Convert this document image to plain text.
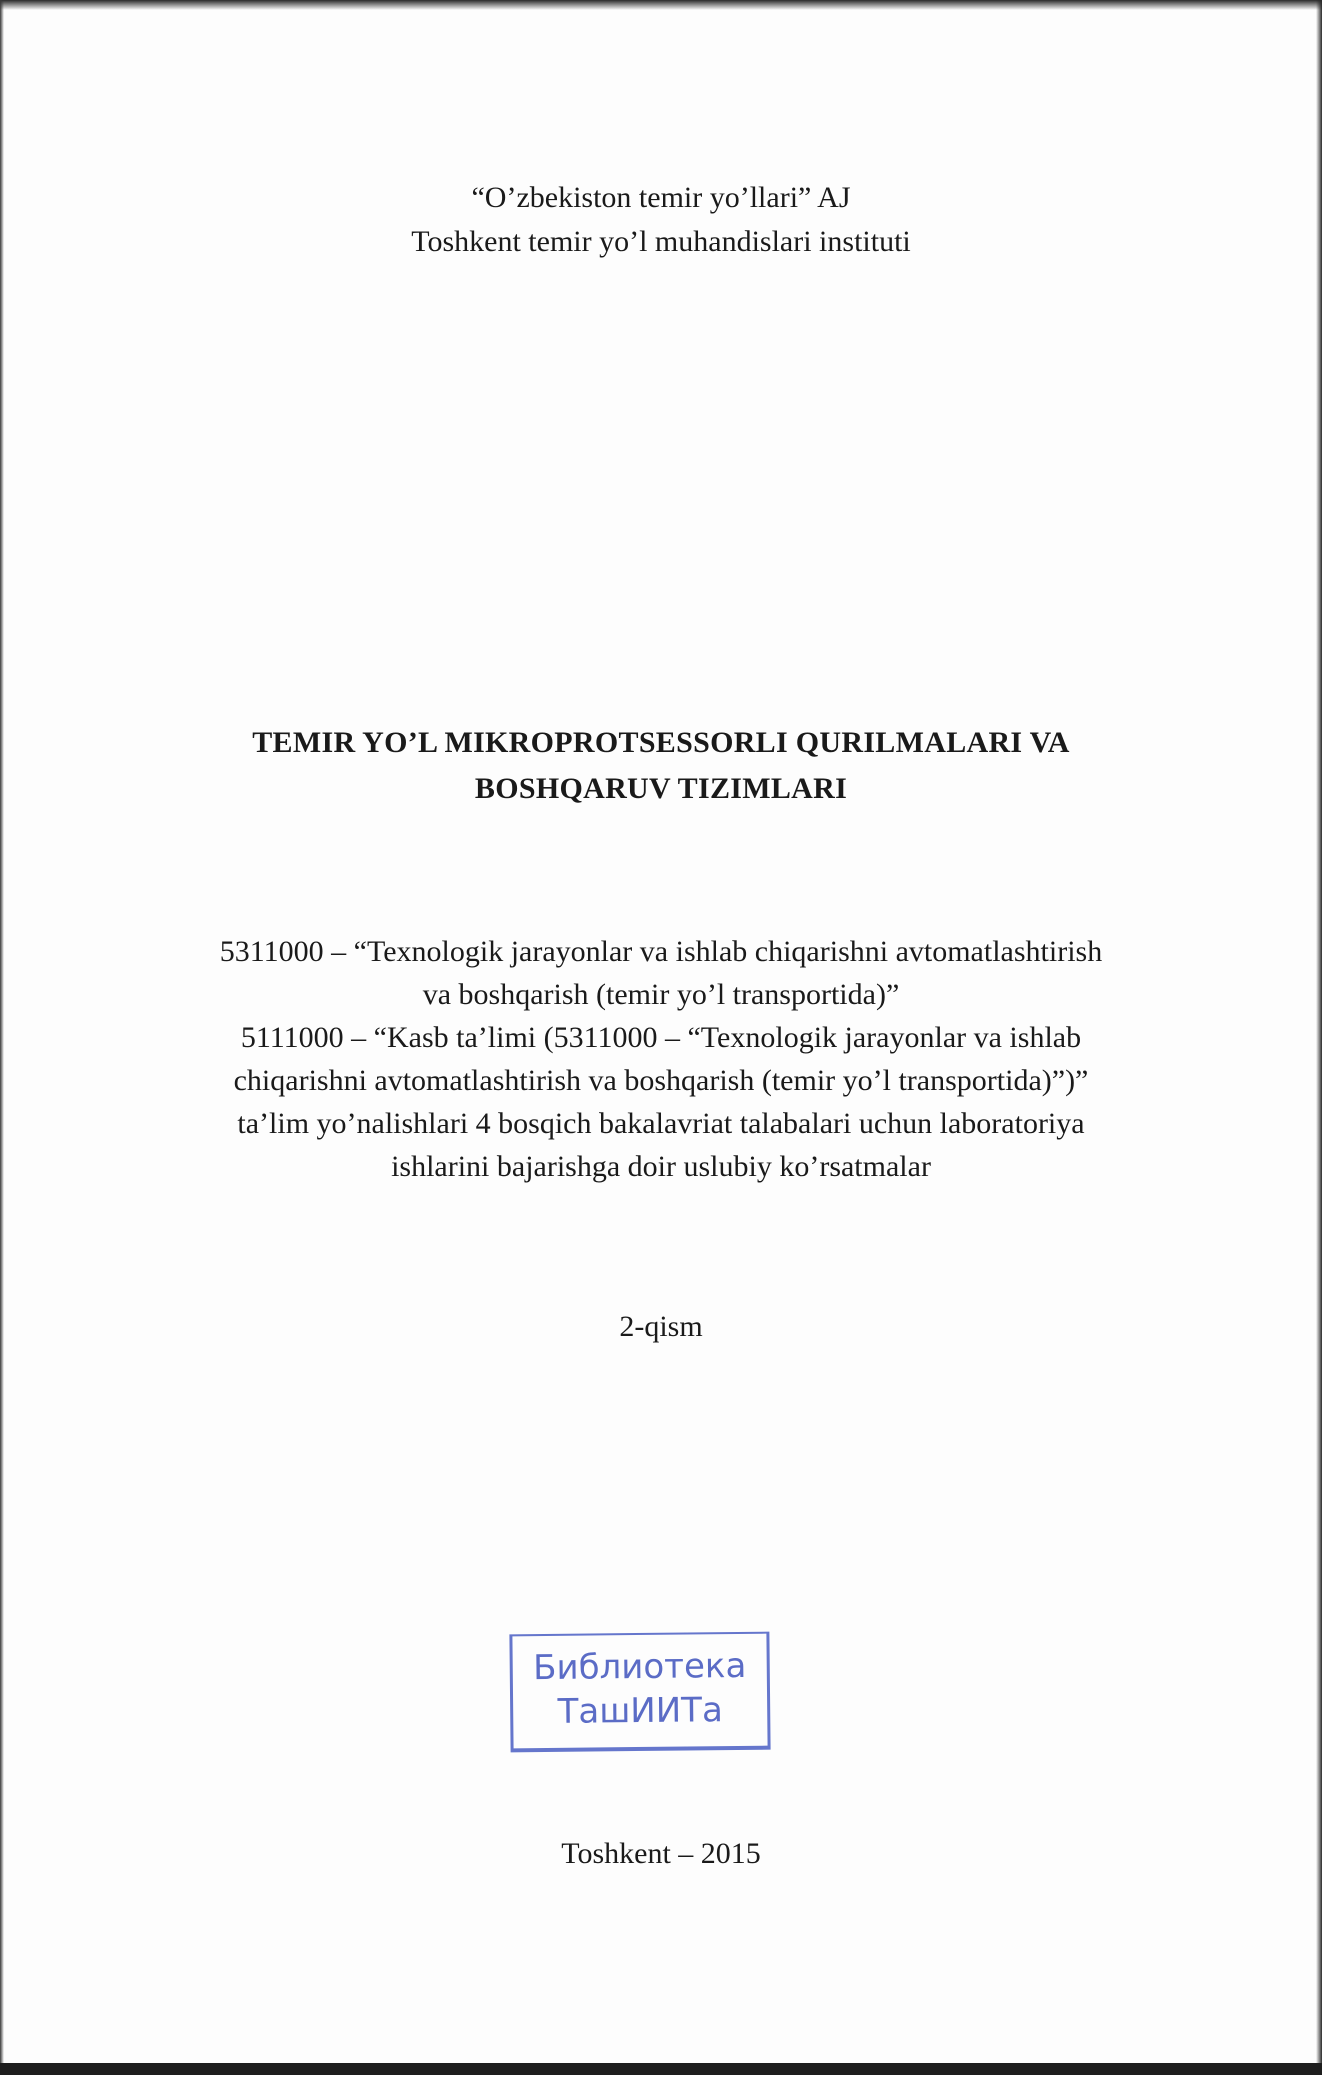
“O’zbekiston temir yo’llari” AJ
Toshkent temir yo’l muhandislari instituti
TEMIR YO’L MIKROPROTSESSORLI QURILMALARI VA
BOSHQARUV TIZIMLARI
5311000 – “Texnologik jarayonlar va ishlab chiqarishni avtomatlashtirish
va boshqarish (temir yo’l transportida)”
5111000 – “Kasb ta’limi (5311000 – “Texnologik jarayonlar va ishlab
chiqarishni avtomatlashtirish va boshqarish (temir yo’l transportida)”)”
ta’lim yo’nalishlari 4 bosqich bakalavriat talabalari uchun laboratoriya
ishlarini bajarishga doir uslubiy ko’rsatmalar
2-qism
Библиотека
ТашИИТа
Toshkent – 2015
